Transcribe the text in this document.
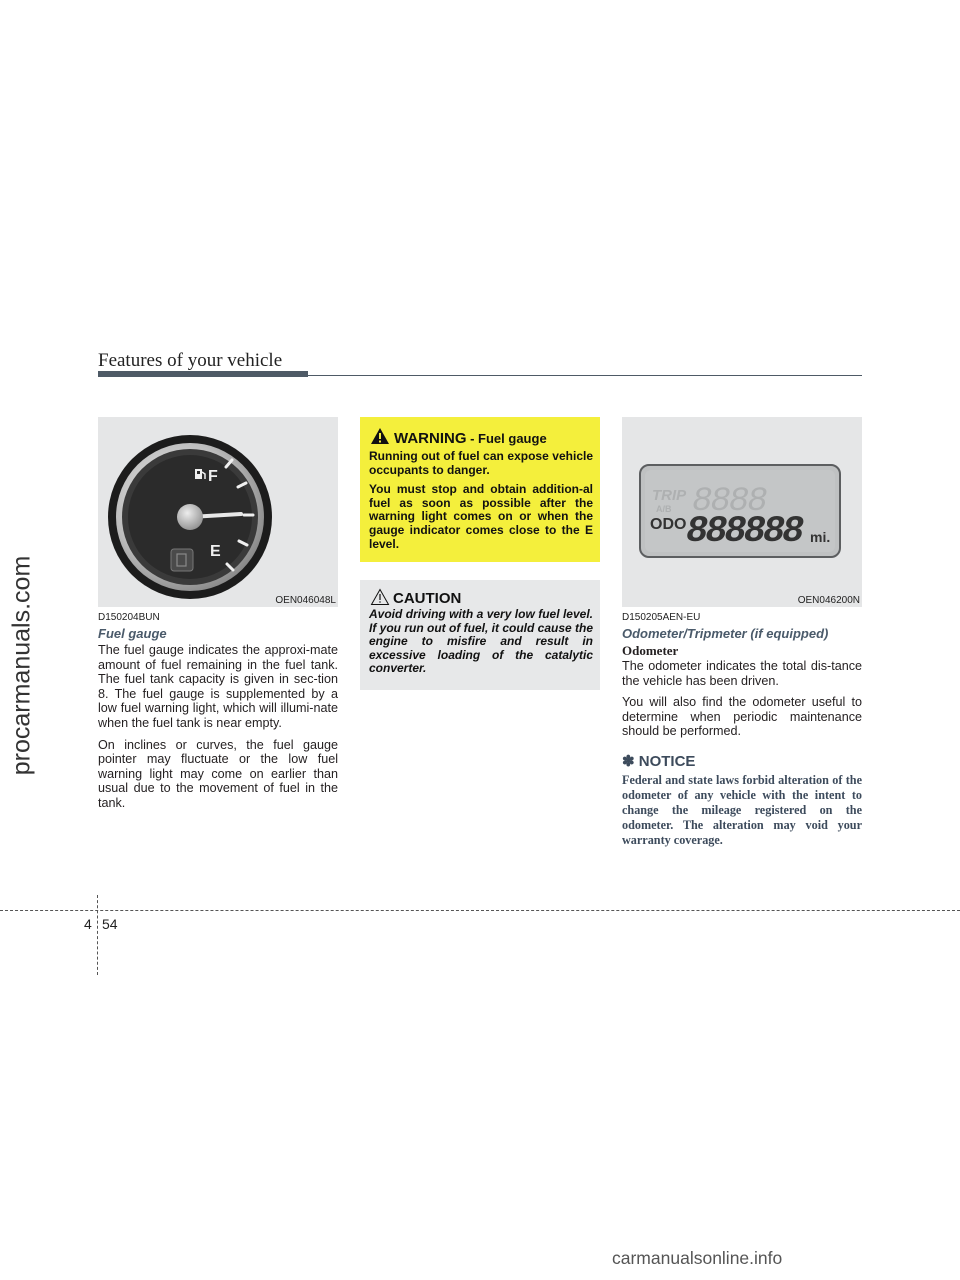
procarmanuals.com
Features of your vehicle
F
E
OEN046048L
D150204BUN
Fuel gauge

The fuel gauge indicates the approxi-mate amount of fuel remaining in the fuel tank. The fuel tank capacity is given in sec-tion 8. The fuel gauge is supplemented by a low fuel warning light, which will illumi-nate when the fuel tank is near empty.

On inclines or curves, the fuel gauge pointer may fluctuate or the low fuel warning light may come on earlier than usual due to the movement of fuel in the tank.

WARNING - Fuel gauge

Running out of fuel can expose vehicle occupants to danger.

You must stop and obtain addition-al fuel as soon as possible after the warning light comes on or when the gauge indicator comes close to the E level.

CAUTION
Avoid driving with a very low fuel level. If you run out of fuel, it could cause the engine to misfire and result in excessive loading of the catalytic converter.
TRIP
A/B 8888
ODO 888888 mi.
OEN046200N
D150205AEN-EU
Odometer/Tripmeter (if equipped)
Odometer

The odometer indicates the total dis-tance the vehicle has been driven.

You will also find the odometer useful to determine when periodic maintenance should be performed.

✽ NOTICE
Federal and state laws forbid alteration of the odometer of any vehicle with the intent to change the mileage registered on the odometer. The alteration may void your warranty coverage.
4 54
carmanualsonline.info
